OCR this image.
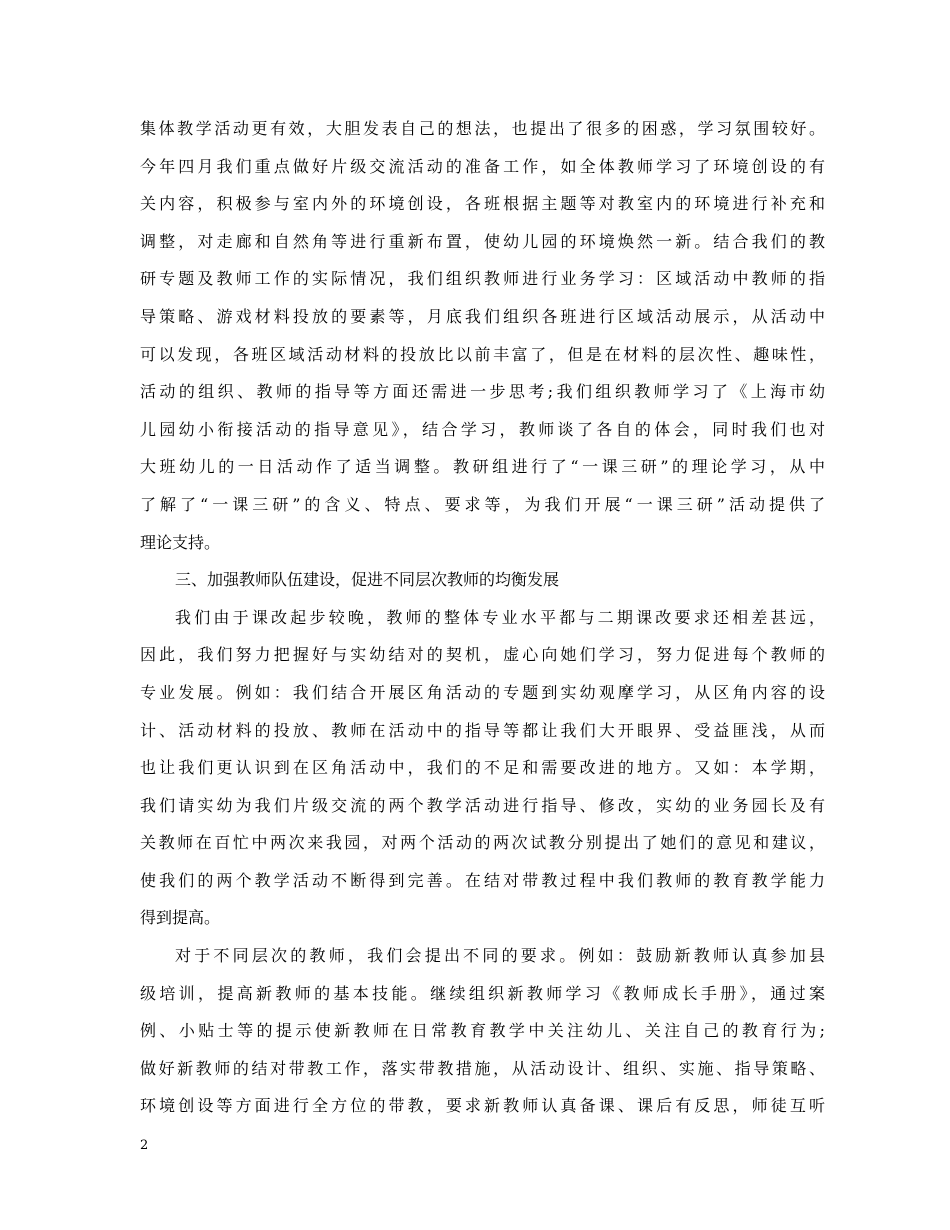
集体教学活动更有效，大胆发表自己的想法，也提出了很多的困惑，学习氛围较好。
今年四月我们重点做好片级交流活动的准备工作，如全体教师学习了环境创设的有
关内容，积极参与室内外的环境创设，各班根据主题等对教室内的环境进行补充和
调整，对走廊和自然角等进行重新布置，使幼儿园的环境焕然一新。结合我们的教
研专题及教师工作的实际情况，我们组织教师进行业务学习：区域活动中教师的指
导策略、游戏材料投放的要素等，月底我们组织各班进行区域活动展示，从活动中
可以发现，各班区域活动材料的投放比以前丰富了，但是在材料的层次性、趣味性，
活动的组织、教师的指导等方面还需进一步思考;我们组织教师学习了《上海市幼
儿园幼小衔接活动的指导意见》，结合学习，教师谈了各自的体会，同时我们也对
大班幼儿的一日活动作了适当调整。教研组进行了“一课三研”的理论学习，从中
了解了“一课三研”的含义、特点、要求等，为我们开展“一课三研”活动提供了
理论支持。
三、加强教师队伍建设，促进不同层次教师的均衡发展
我们由于课改起步较晚，教师的整体专业水平都与二期课改要求还相差甚远，
因此，我们努力把握好与实幼结对的契机，虚心向她们学习，努力促进每个教师的
专业发展。例如：我们结合开展区角活动的专题到实幼观摩学习，从区角内容的设
计、活动材料的投放、教师在活动中的指导等都让我们大开眼界、受益匪浅，从而
也让我们更认识到在区角活动中，我们的不足和需要改进的地方。又如：本学期，
我们请实幼为我们片级交流的两个教学活动进行指导、修改，实幼的业务园长及有
关教师在百忙中两次来我园，对两个活动的两次试教分别提出了她们的意见和建议，
使我们的两个教学活动不断得到完善。在结对带教过程中我们教师的教育教学能力
得到提高。
对于不同层次的教师，我们会提出不同的要求。例如：鼓励新教师认真参加县
级培训，提高新教师的基本技能。继续组织新教师学习《教师成长手册》，通过案
例、小贴士等的提示使新教师在日常教育教学中关注幼儿、关注自己的教育行为;
做好新教师的结对带教工作，落实带教措施，从活动设计、组织、实施、指导策略、
环境创设等方面进行全方位的带教，要求新教师认真备课、课后有反思，师徒互听
2
